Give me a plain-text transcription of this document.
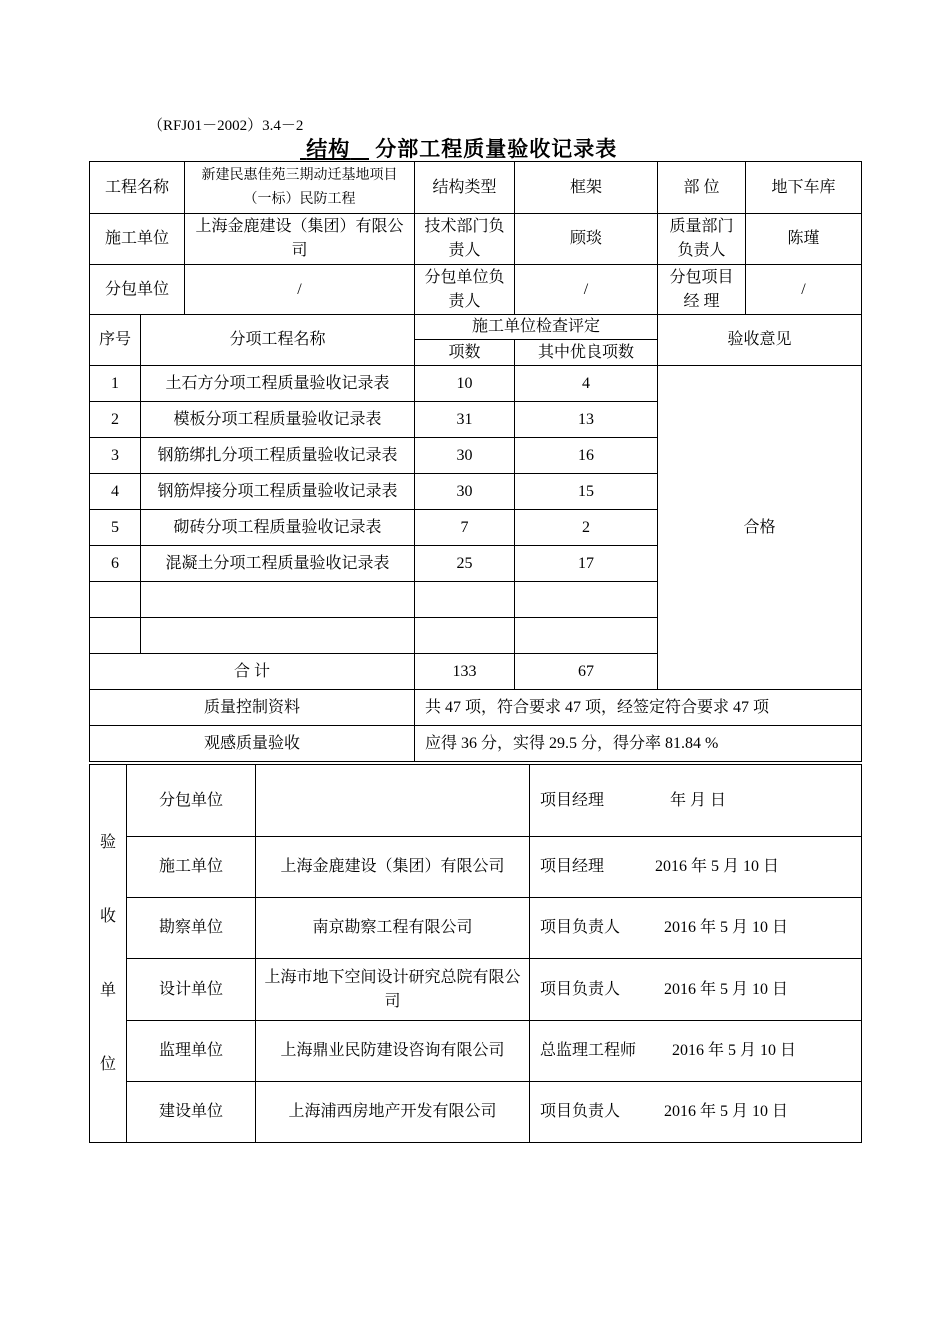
（RFJ01－2002）3.4－2
结构 分部工程质量验收记录表
工程名称		新建民惠佳苑三期动迁基地项目（一标）民防工程	结构类型	框架	部 位	地下车库
施工单位		上海金鹿建设（集团）有限公司	技术部门负责人	顾琰	质量部门负责人	陈瑾
分包单位		/	分包单位负责人	/	分包项目经 理	/
序号	分项工程名称		施工单位检查评定		验收意见	
			项数	其中优良项数		
1	土石方分项工程质量验收记录表		10	4	合格	
2	模板分项工程质量验收记录表		31	13		
3	钢筋绑扎分项工程质量验收记录表		30	16		
4	钢筋焊接分项工程质量验收记录表		30	15		
5	砌砖分项工程质量验收记录表		7	2		
6	混凝土分项工程质量验收记录表		25	17		

合 计			133	67		
质量控制资料			共 47 项，符合要求 47 项，经签定符合要求 47 项			
观感质量验收			应得 36 分，实得 29.5 分，得分率 81.84 %			
验
收
单
位	分包单位		项目经理 年 月 日
	施工单位	上海金鹿建设（集团）有限公司	项目经理 2016 年 5 月 10 日
	勘察单位	南京勘察工程有限公司	项目负责人 2016 年 5 月 10 日
	设计单位	上海市地下空间设计研究总院有限公司	项目负责人 2016 年 5 月 10 日
	监理单位	上海鼎业民防建设咨询有限公司	总监理工程师 2016 年 5 月 10 日
	建设单位	上海浦西房地产开发有限公司	项目负责人 2016 年 5 月 10 日
